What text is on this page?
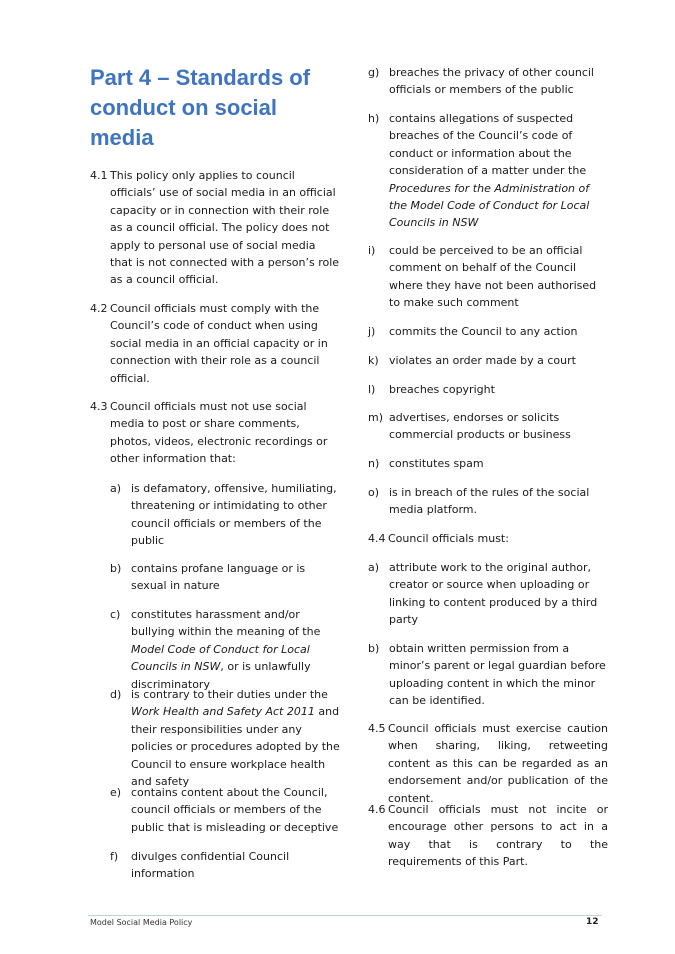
Part 4 – Standards of conduct on social media
4.1 This policy only applies to council officials’ use of social media in an official capacity or in connection with their role as a council official. The policy does not apply to personal use of social media that is not connected with a person’s role as a council official.
4.2 Council officials must comply with the Council’s code of conduct when using social media in an official capacity or in connection with their role as a council official.
4.3 Council officials must not use social media to post or share comments, photos, videos, electronic recordings or other information that:
a) is defamatory, offensive, humiliating, threatening or intimidating to other council officials or members of the public
b) contains profane language or is sexual in nature
c) constitutes harassment and/or bullying within the meaning of the Model Code of Conduct for Local Councils in NSW, or is unlawfully discriminatory
d) is contrary to their duties under the Work Health and Safety Act 2011 and their responsibilities under any policies or procedures adopted by the Council to ensure workplace health and safety
e) contains content about the Council, council officials or members of the public that is misleading or deceptive
f) divulges confidential Council information
g) breaches the privacy of other council officials or members of the public
h) contains allegations of suspected breaches of the Council’s code of conduct or information about the consideration of a matter under the Procedures for the Administration of the Model Code of Conduct for Local Councils in NSW
i) could be perceived to be an official comment on behalf of the Council where they have not been authorised to make such comment
j) commits the Council to any action
k) violates an order made by a court
l) breaches copyright
m) advertises, endorses or solicits commercial products or business
n) constitutes spam
o) is in breach of the rules of the social media platform.
4.4 Council officials must:
a) attribute work to the original author, creator or source when uploading or linking to content produced by a third party
b) obtain written permission from a minor’s parent or legal guardian before uploading content in which the minor can be identified.
4.5 Council officials must exercise caution when sharing, liking, retweeting content as this can be regarded as an endorsement and/or publication of the content.
4.6 Council officials must not incite or encourage other persons to act in a way that is contrary to the requirements of this Part.
Model Social Media Policy	12
